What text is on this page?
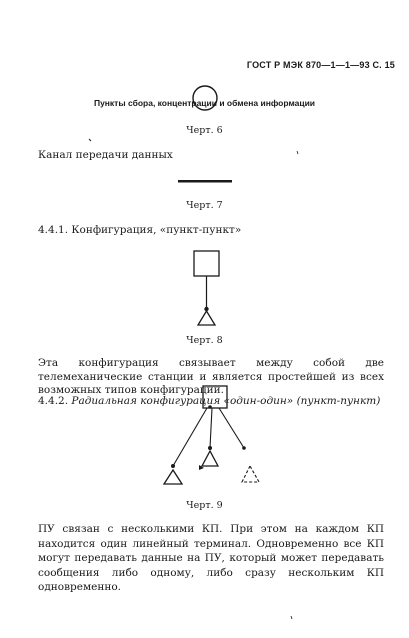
ГОСТ Р МЭК 870—1—1—93 С. 15
Пункты сбора, концентрации и обмена информации
Черт. 6
Канал передачи данных
Черт. 7
4.4.1. Конфигурация, «пункт-пункт»
Черт. 8
Эта конфигурация связывает между собой две телемеханические станции и является простейшей из всех возможных типов конфигураций.
4.4.2. Радиальная конфигурация «один-один» (пункт-пункт)
Черт. 9
ПУ связан с несколькими КП. При этом на каждом КП находится один линейный терминал. Одновременно все КП могут передавать данные на ПУ, который может передавать сообщения либо одному, либо сразу нескольким КП одновременно.
